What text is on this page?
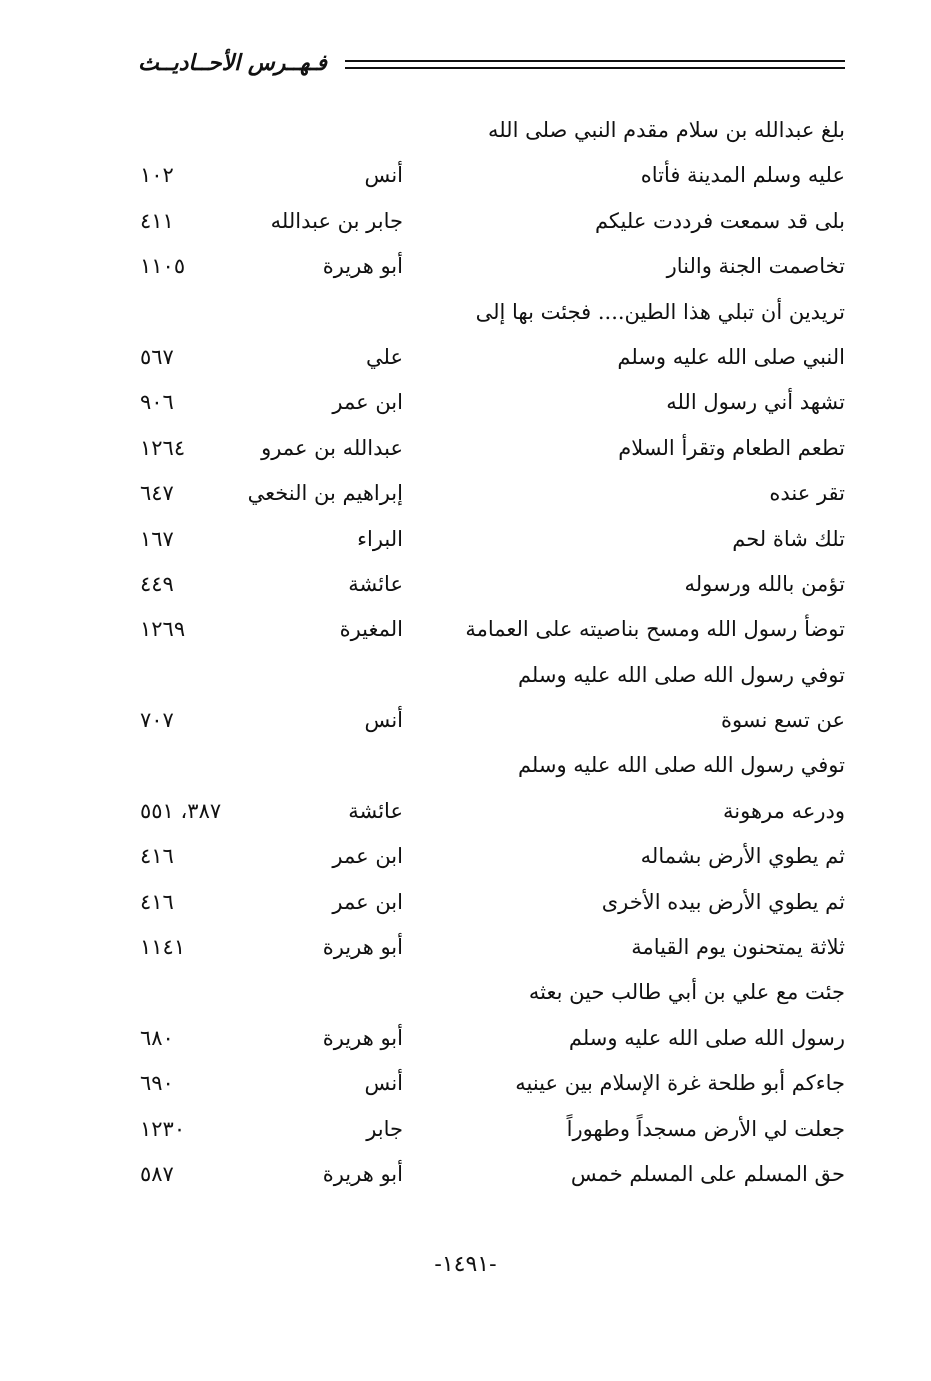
فـهــرس الأحــاديــث
بلغ عبدالله بن سلام مقدم النبي صلى الله
عليه وسلم المدينة فأتاه
أنس
١٠٢
بلى قد سمعت فرددت عليكم
جابر بن عبدالله
٤١١
تخاصمت الجنة والنار
أبو هريرة
١١٠٥
تريدين أن تبلي هذا الطين.... فجئت بها إلى
النبي صلى الله عليه وسلم
علي
٥٦٧
تشهد أني رسول الله
ابن عمر
٩٠٦
تطعم الطعام وتقرأ السلام
عبدالله بن عمرو
١٢٦٤
تقر عنده
إبراهيم بن النخعي
٦٤٧
تلك شاة لحم
البراء
١٦٧
تؤمن بالله ورسوله
عائشة
٤٤٩
توضأ رسول الله ومسح بناصيته على العمامة
المغيرة
١٢٦٩
توفي رسول الله صلى الله عليه وسلم
عن تسع نسوة
أنس
٧٠٧
توفي رسول الله صلى الله عليه وسلم
ودرعه مرهونة
عائشة
٣٨٧، ٥٥١
ثم يطوي الأرض بشماله
ابن عمر
٤١٦
ثم يطوي الأرض بيده الأخرى
ابن عمر
٤١٦
ثلاثة يمتحنون يوم القيامة
أبو هريرة
١١٤١
جئت مع علي بن أبي طالب حين بعثه
رسول الله صلى الله عليه وسلم
أبو هريرة
٦٨٠
جاءكم أبو طلحة غرة الإسلام بين عينيه
أنس
٦٩٠
جعلت لي الأرض مسجداً وطهوراً
جابر
١٢٣٠
حق المسلم على المسلم خمس
أبو هريرة
٥٨٧
-١٤٩١-
